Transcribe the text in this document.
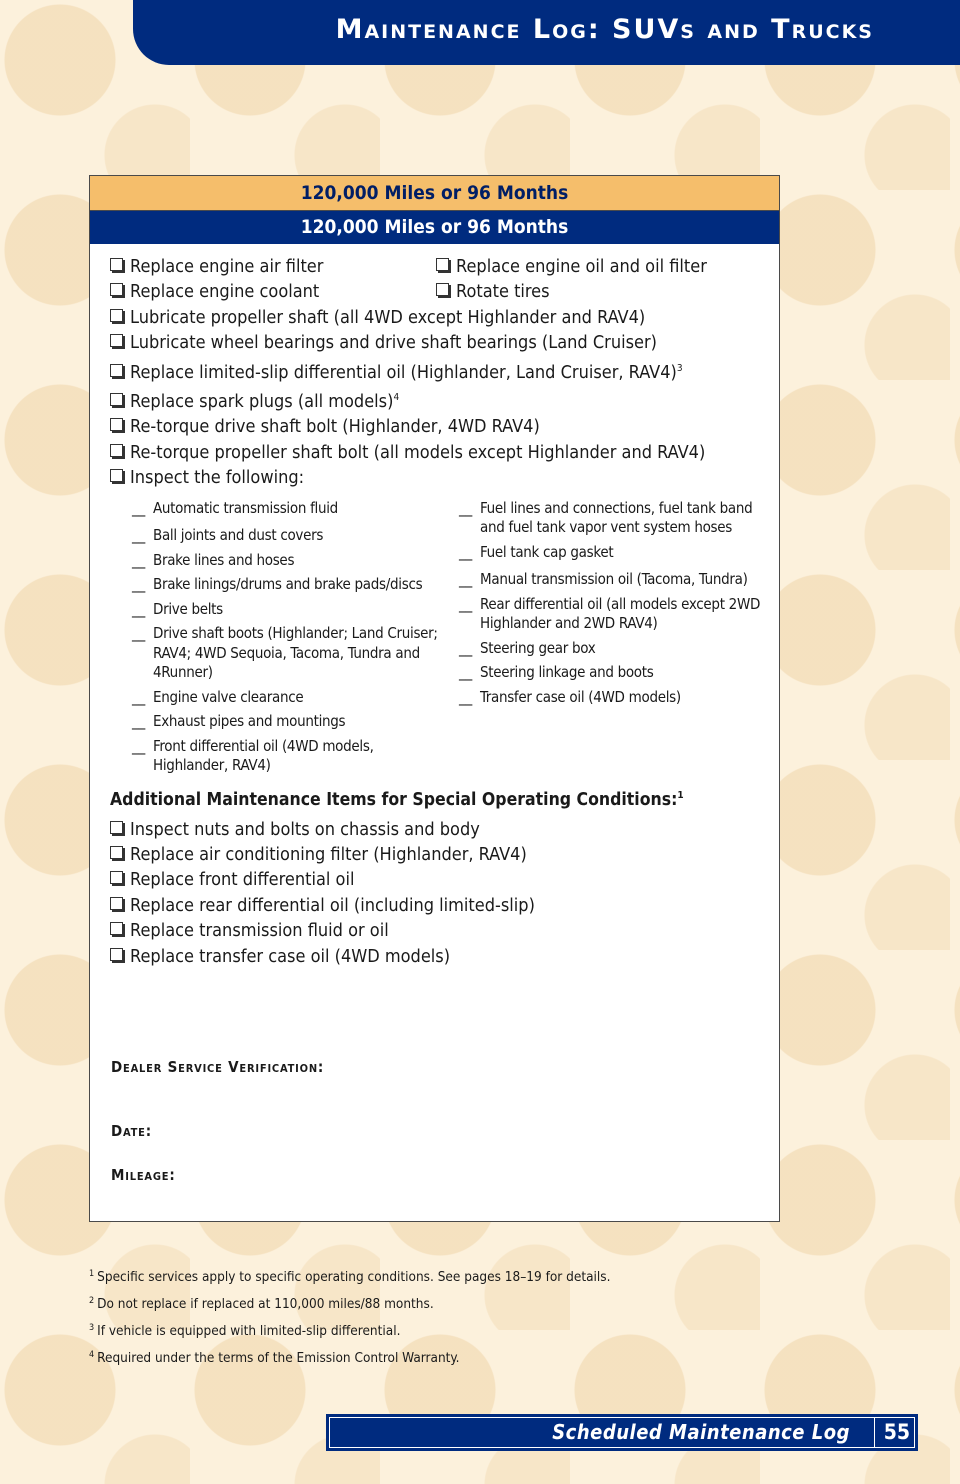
Maintenance Log: SUVs and Trucks
120,000 Miles or 96 Months
120,000 Miles or 96 Months
Replace engine air filter	Replace engine oil and oil filter
Replace engine coolant	Rotate tires
Lubricate propeller shaft (all 4WD except Highlander and RAV4)
Lubricate wheel bearings and drive shaft bearings (Land Cruiser)
Replace limited-slip differential oil (Highlander, Land Cruiser, RAV4)$^3$
Replace spark plugs (all models)$^4$
Re-torque drive shaft bolt (Highlander, 4WD RAV4)
Re-torque propeller shaft bolt (all models except Highlander and RAV4)
Inspect the following:
__ Automatic transmission fluid
__ Ball joints and dust covers
__ Brake lines and hoses
__ Brake linings/drums and brake pads/discs
__ Drive belts
__ Drive shaft boots (Highlander; Land Cruiser; RAV4; 4WD Sequoia, Tacoma, Tundra and 4Runner)
__ Engine valve clearance
__ Exhaust pipes and mountings
__ Front differential oil (4WD models, Highlander, RAV4)
__ Fuel lines and connections, fuel tank band and fuel tank vapor vent system hoses
__ Fuel tank cap gasket
__ Manual transmission oil (Tacoma, Tundra)
__ Rear differential oil (all models except 2WD Highlander and 2WD RAV4)
__ Steering gear box
__ Steering linkage and boots
__ Transfer case oil (4WD models)
Additional Maintenance Items for Special Operating Conditions:$^1$
Inspect nuts and bolts on chassis and body
Replace air conditioning filter (Highlander, RAV4)
Replace front differential oil
Replace rear differential oil (including limited-slip)
Replace transmission fluid or oil
Replace transfer case oil (4WD models)
Dealer Service Verification:
Date:
Mileage:
$^1$ Specific services apply to specific operating conditions. See pages 18–19 for details.
$^2$ Do not replace if replaced at 110,000 miles/88 months.
$^3$ If vehicle is equipped with limited-slip differential.
$^4$ Required under the terms of the Emission Control Warranty.
Scheduled Maintenance Log 55
